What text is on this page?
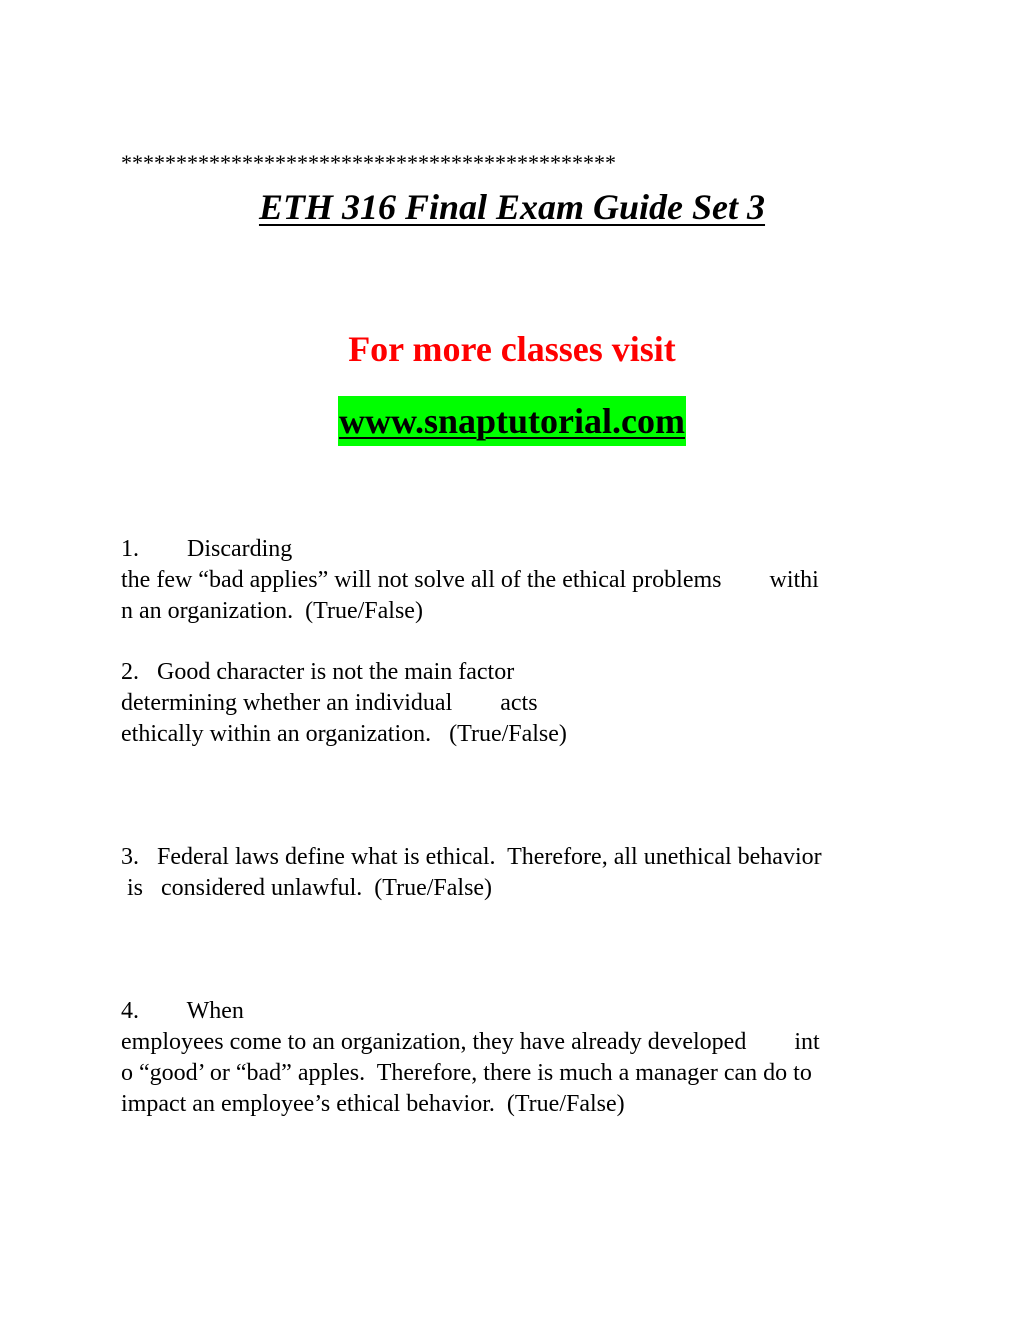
*********************************************
ETH 316 Final Exam Guide Set 3
For more classes visit
www.snaptutorial.com
1.        Discarding
the few “bad applies” will not solve all of the ethical problems        withi
n an organization.  (True/False)
2.   Good character is not the main factor
determining whether an individual        acts
ethically within an organization.   (True/False)
3.   Federal laws define what is ethical.  Therefore, all unethical behavior
is   considered unlawful.  (True/False)
4.        When
employees come to an organization, they have already developed        int
o “good’ or “bad” apples.  Therefore, there is much a manager can do to
impact an employee’s ethical behavior.  (True/False)
